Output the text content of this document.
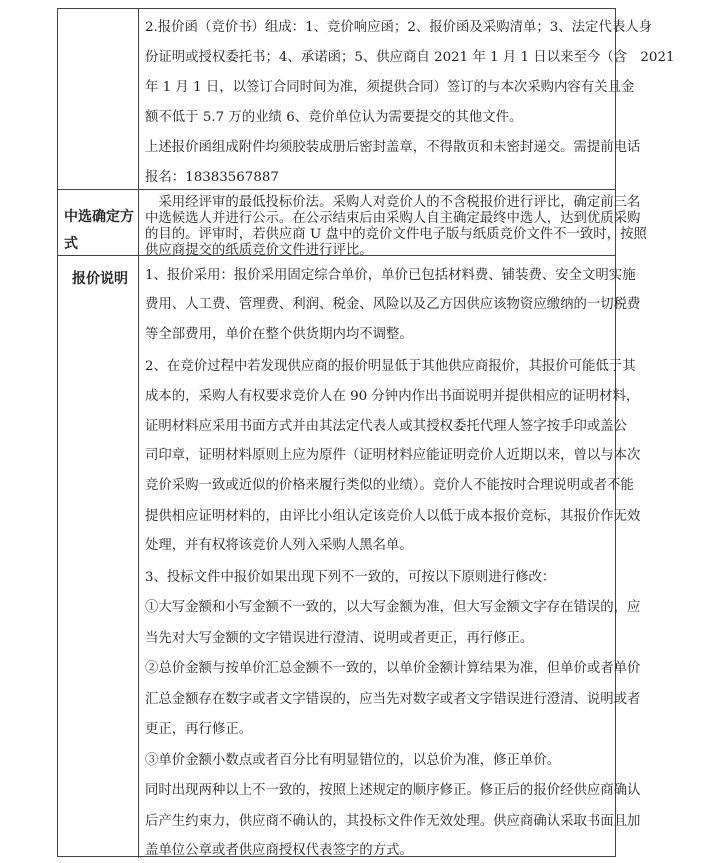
2.报价函（竞价书）组成：1、竞价响应函；2、报价函及采购清单；3、法定代表人身
份证明或授权委托书；4、承诺函；5、供应商自 2021 年 1 月 1 日以来至今（含　2021
年 1 月 1 日，以签订合同时间为准，须提供合同）签订的与本次采购内容有关且金
额不低于 5.7 万的业绩 6、竞价单位认为需要提交的其他文件。
上述报价函组成附件均须胶装成册后密封盖章，不得散页和未密封递交。需提前电话
报名：18383567887
中选确定方
式
　采用经评审的最低投标价法。采购人对竞价人的不含税报价进行评比，确定前三名
中选候选人并进行公示。在公示结束后由采购人自主确定最终中选人，达到优质采购
的目的。评审时，若供应商 U 盘中的竞价文件电子版与纸质竞价文件不一致时，按照
供应商提交的纸质竞价文件进行评比。
报价说明 1、报价采用：报价采用固定综合单价，单价已包括材料费、铺装费、安全文明实施
费用、人工费、管理费、利润、税金、风险以及乙方因供应该物资应缴纳的一切税费
等全部费用，单价在整个供货期内均不调整。
2、在竞价过程中若发现供应商的报价明显低于其他供应商报价，其报价可能低于其
成本的，采购人有权要求竞价人在 90 分钟内作出书面说明并提供相应的证明材料，
证明材料应采用书面方式并由其法定代表人或其授权委托代理人签字按手印或盖公
司印章，证明材料原则上应为原件（证明材料应能证明竞价人近期以来，曾以与本次
竞价采购一致或近似的价格来履行类似的业绩）。竞价人不能按时合理说明或者不能
提供相应证明材料的，由评比小组认定该竞价人以低于成本报价竞标，其报价作无效
处理，并有权将该竞价人列入采购人黑名单。
3、投标文件中报价如果出现下列不一致的，可按以下原则进行修改：
①大写金额和小写金额不一致的，以大写金额为准，但大写金额文字存在错误的，应
当先对大写金额的文字错误进行澄清、说明或者更正，再行修正。
②总价金额与按单价汇总金额不一致的，以单价金额计算结果为准，但单价或者单价
汇总金额存在数字或者文字错误的，应当先对数字或者文字错误进行澄清、说明或者
更正，再行修正。
③单价金额小数点或者百分比有明显错位的，以总价为准，修正单价。
同时出现两种以上不一致的，按照上述规定的顺序修正。修正后的报价经供应商确认
后产生约束力，供应商不确认的，其投标文件作无效处理。供应商确认采取书面且加
盖单位公章或者供应商授权代表签字的方式。
